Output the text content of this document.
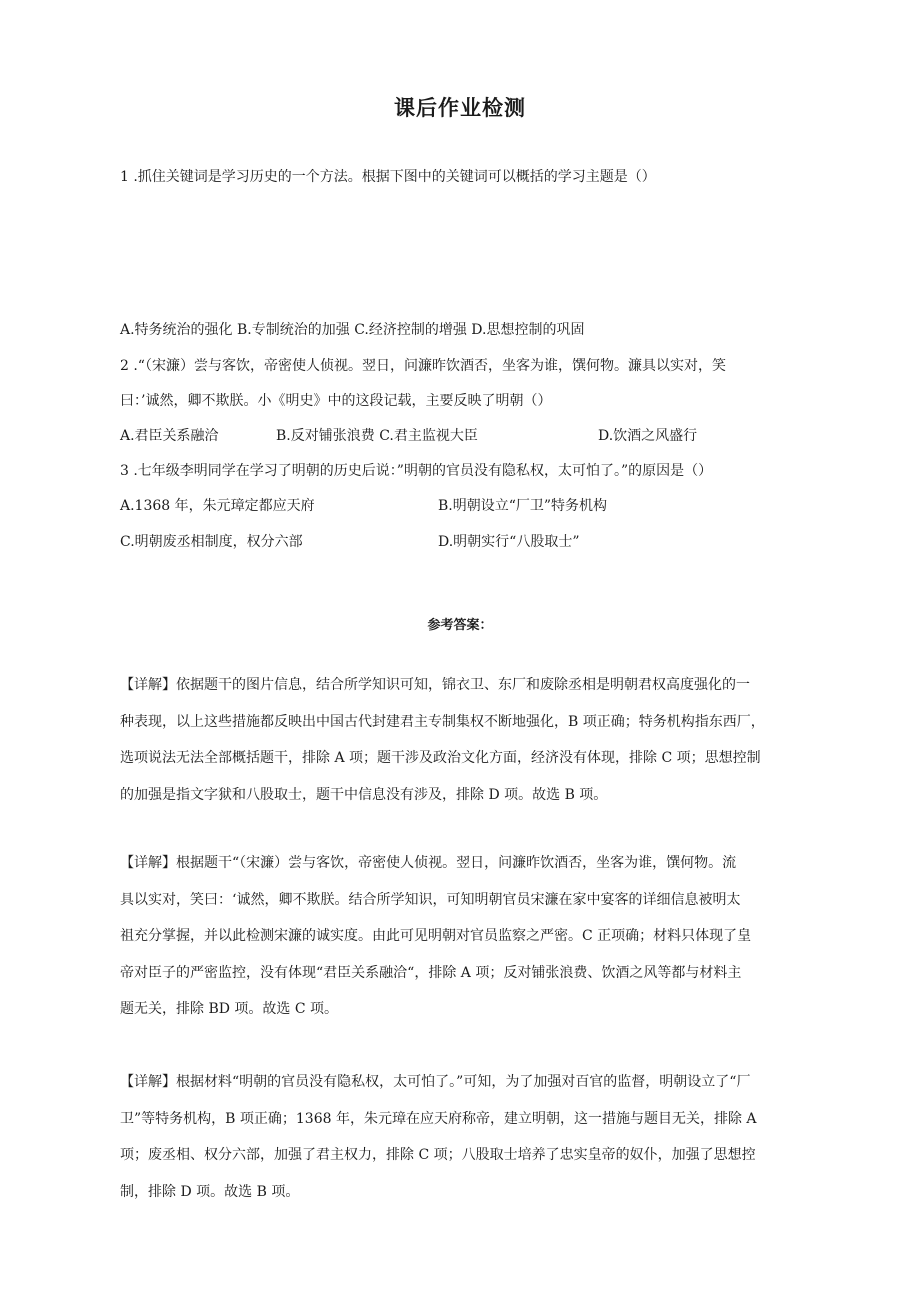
课后作业检测
1 .抓住关键词是学习历史的一个方法。根据下图中的关键词可以概括的学习主题是（）
A.特务统治的强化 B.专制统治的加强 C.经济控制的增强 D.思想控制的巩固
2 .“（宋濂）尝与客饮，帝密使人侦视。翌日，问濂昨饮酒否，坐客为谁，馔何物。濂具以实对，笑
曰：’诚然，卿不欺朕。小《明史》中的这段记载，主要反映了明朝（）
A.君臣关系融洽	B.反对铺张浪费 C.君主监视大臣	D.饮酒之风盛行
3 .七年级李明同学在学习了明朝的历史后说：”明朝的官员没有隐私权，太可怕了。”的原因是（）
A.1368 年，朱元璋定都应天府	B.明朝设立“厂卫”特务机构
C.明朝废丞相制度，权分六部	D.明朝实行“八股取士”
参考答案：
【详解】依据题干的图片信息，结合所学知识可知，锦衣卫、东厂和废除丞相是明朝君权高度强化的一
种表现，以上这些措施都反映出中国古代封建君主专制集权不断地强化，B 项正确；特务机构指东西厂，
选项说法无法全部概括题干，排除 A 项；题干涉及政治文化方面，经济没有体现，排除 C 项；思想控制
的加强是指文字狱和八股取士，题干中信息没有涉及，排除 D 项。故选 B 项。
【详解】根据题干“（宋濂）尝与客饮，帝密使人侦视。翌日，问濂昨饮酒否，坐客为谁，馔何物。流
具以实对，笑曰：‘诚然，卿不欺朕。结合所学知识，可知明朝官员宋濂在家中宴客的详细信息被明太
祖充分掌握，并以此检测宋濂的诚实度。由此可见明朝对官员监察之严密。C 正项确；材料只体现了皇
帝对臣子的严密监控，没有体现“君臣关系融洽“，排除 A 项；反对铺张浪费、饮酒之风等都与材料主
题无关，排除 BD 项。故选 C 项。
【详解】根据材料“明朝的官员没有隐私权，太可怕了。”可知，为了加强对百官的监督，明朝设立了“厂
卫”等特务机构，B 项正确；1368 年，朱元璋在应天府称帝，建立明朝，这一措施与题目无关，排除 A
项；废丞相、权分六部，加强了君主权力，排除 C 项；八股取士培养了忠实皇帝的奴仆，加强了思想控
制，排除 D 项。故选 B 项。
